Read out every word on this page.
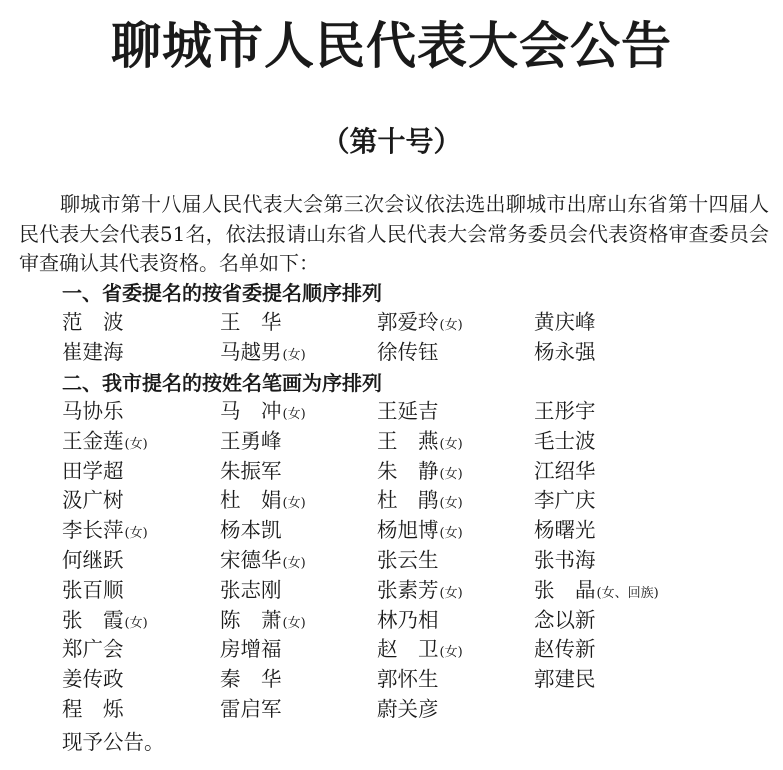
聊城市人民代表大会公告
（第十号）

聊城市第十八届人民代表大会第三次会议依法选出聊城市出席山东省第十四届人民代表大会代表51名，依法报请山东省人民代表大会常务委员会代表资格审查委员会审查确认其代表资格。名单如下：

一、省委提名的按省委提名顺序排列
范　波	王　华	郭爱玲(女)	黄庆峰
崔建海	马越男(女)	徐传钰	杨永强
二、我市提名的按姓名笔画为序排列
马协乐	马　冲(女)	王延吉	王彤宇
王金莲(女)	王勇峰	王　燕(女)	毛士波
田学超	朱振军	朱　静(女)	江绍华
汲广树	杜　娟(女)	杜　鹃(女)	李广庆
李长萍(女)	杨本凯	杨旭博(女)	杨曙光
何继跃	宋德华(女)	张云生	张书海
张百顺	张志刚	张素芳(女)	张　晶(女、回族)
张　霞(女)	陈　萧(女)	林乃相	念以新
郑广会	房增福	赵　卫(女)	赵传新
姜传政	秦　华	郭怀生	郭建民
程　烁	雷启军	蔚关彦
现予公告。
